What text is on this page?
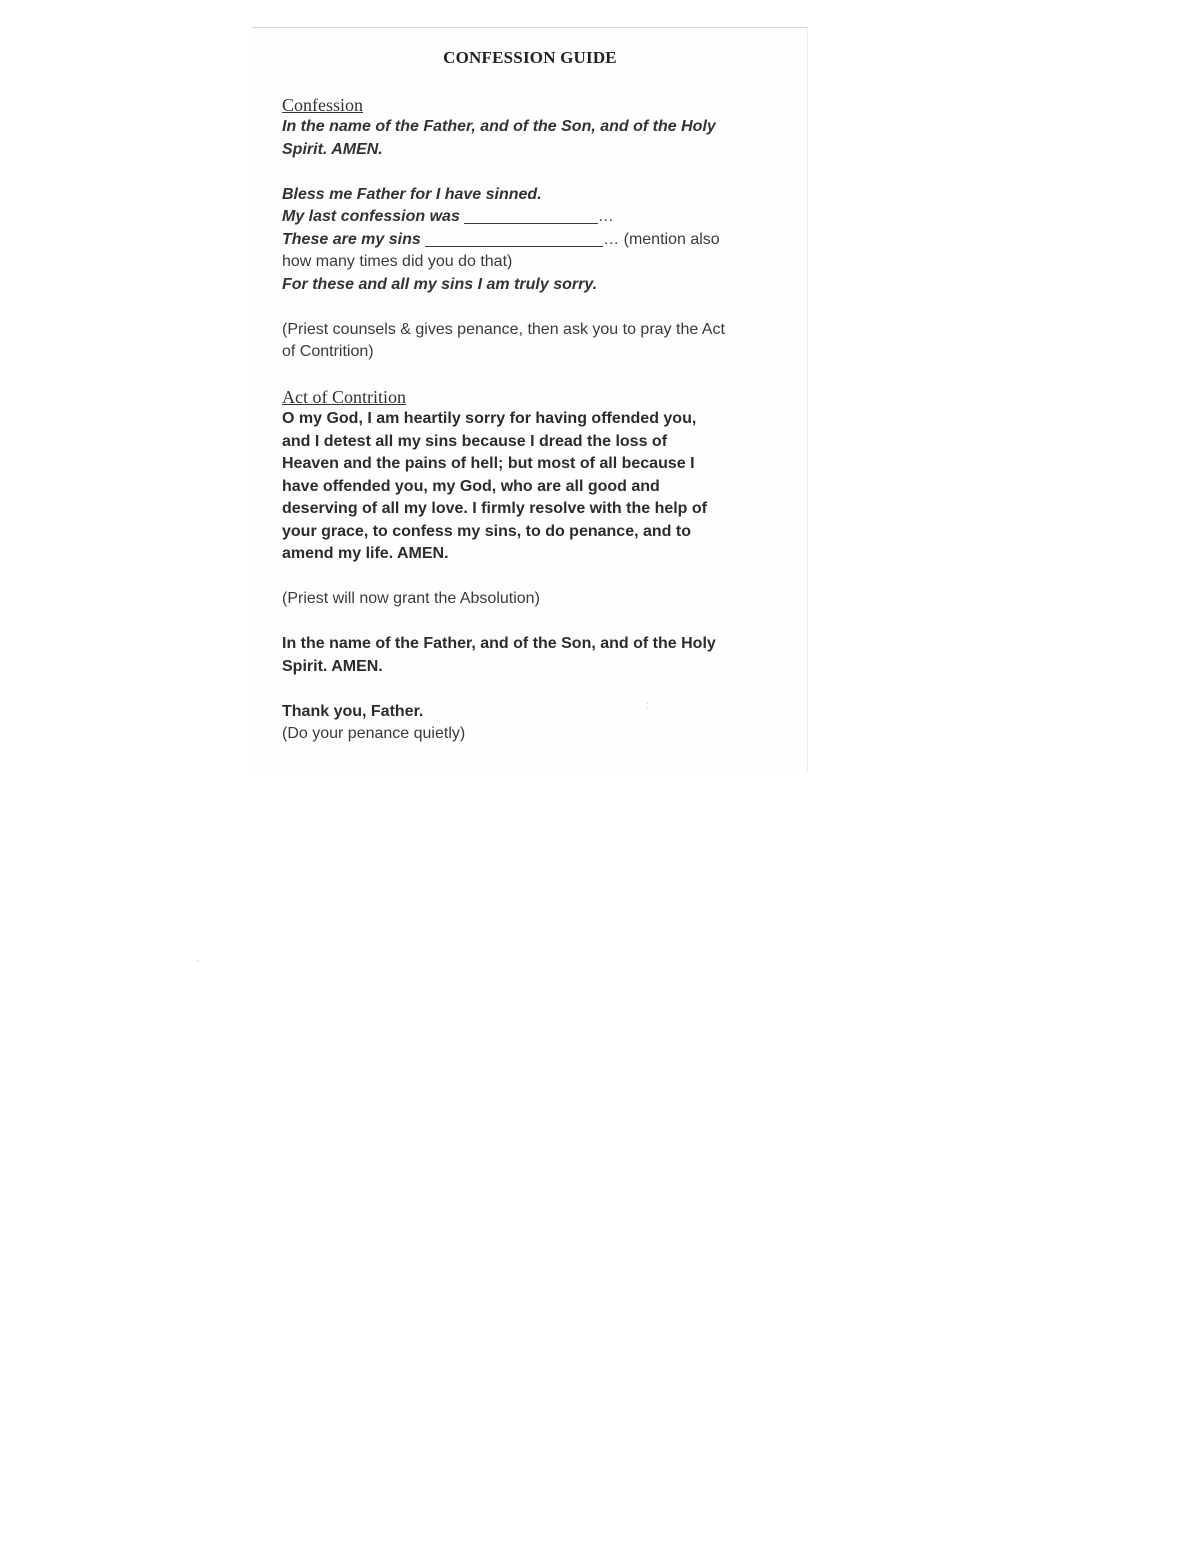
CONFESSION GUIDE

Confession

In the name of the Father, and of the Son, and of the Holy

Spirit. AMEN.

Bless me Father for I have sinned.

My last confession was _______________…

These are my sins ____________________… (mention also

how many times did you do that)

For these and all my sins I am truly sorry.

(Priest counsels & gives penance, then ask you to pray the Act

of Contrition)

Act of Contrition

O my God, I am heartily sorry for having offended you,

and I detest all my sins because I dread the loss of

Heaven and the pains of hell; but most of all because I

have offended you, my God, who are all good and

deserving of all my love. I firmly resolve with the help of

your grace, to confess my sins, to do penance, and to

amend my life. AMEN.

(Priest will now grant the Absolution)

In the name of the Father, and of the Son, and of the Holy

Spirit. AMEN.

Thank you, Father.

(Do your penance quietly)

:
·
